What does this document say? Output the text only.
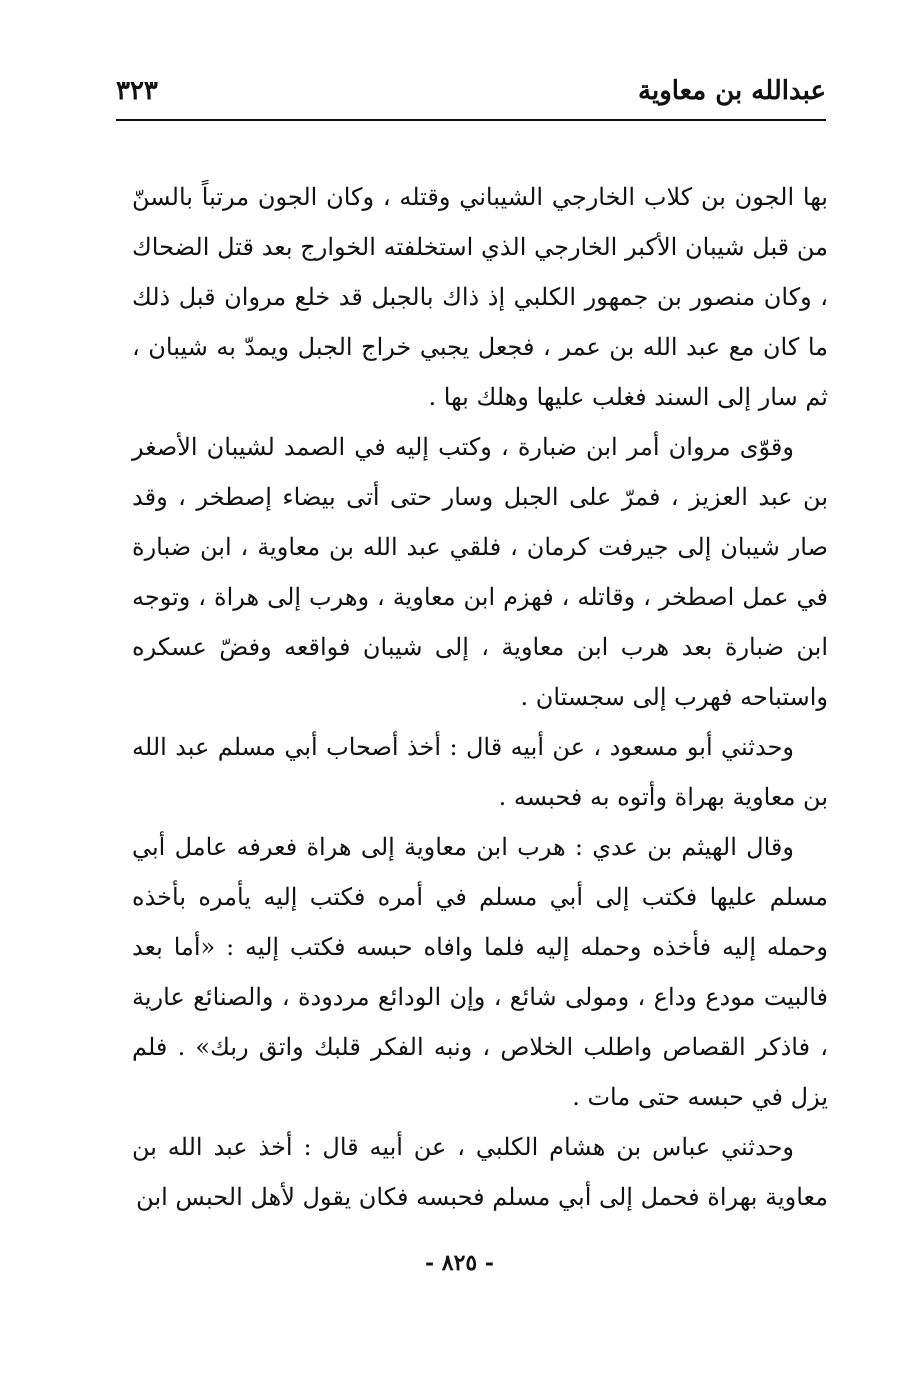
عبدالله بن معاوية
٣٢٣

بها الجون بن كلاب الخارجي الشيباني وقتله ، وكان الجون مرتباً بالسنّ من قبل شيبان الأكبر الخارجي الذي استخلفته الخوارج بعد قتل الضحاك ، وكان منصور بن جمهور الكلبي إذ ذاك بالجبل قد خلع مروان قبل ذلك ما كان مع عبد الله بن عمر ، فجعل يجبي خراج الجبل ويمدّ به شيبان ، ثم سار إلى السند فغلب عليها وهلك بها .

وقوّى مروان أمر ابن ضبارة ، وكتب إليه في الصمد لشيبان الأصغر بن عبد العزيز ، فمرّ على الجبل وسار حتى أتى بيضاء إصطخر ، وقد صار شيبان إلى جيرفت كرمان ، فلقي عبد الله بن معاوية ، ابن ضبارة في عمل اصطخر ، وقاتله ، فهزم ابن معاوية ، وهرب إلى هراة ، وتوجه ابن ضبارة بعد هرب ابن معاوية ، إلى شيبان فواقعه وفضّ عسكره واستباحه فهرب إلى سجستان .

وحدثني أبو مسعود ، عن أبيه قال : أخذ أصحاب أبي مسلم عبد الله بن معاوية بهراة وأتوه به فحبسه .

وقال الهيثم بن عدي : هرب ابن معاوية إلى هراة فعرفه عامل أبي مسلم عليها فكتب إلى أبي مسلم في أمره فكتب إليه يأمره بأخذه وحمله إليه فأخذه وحمله إليه فلما وافاه حبسه فكتب إليه : «أما بعد فالبيت مودع وداع ، ومولى شائع ، وإن الودائع مردودة ، والصنائع عارية ، فاذكر القصاص واطلب الخلاص ، ونبه الفكر قلبك واتق ربك» . فلم يزل في حبسه حتى مات .

وحدثني عباس بن هشام الكلبي ، عن أبيه قال : أخذ عبد الله بن معاوية بهراة فحمل إلى أبي مسلم فحبسه فكان يقول لأهل الحبس ابن

- ٨٢٥ -
